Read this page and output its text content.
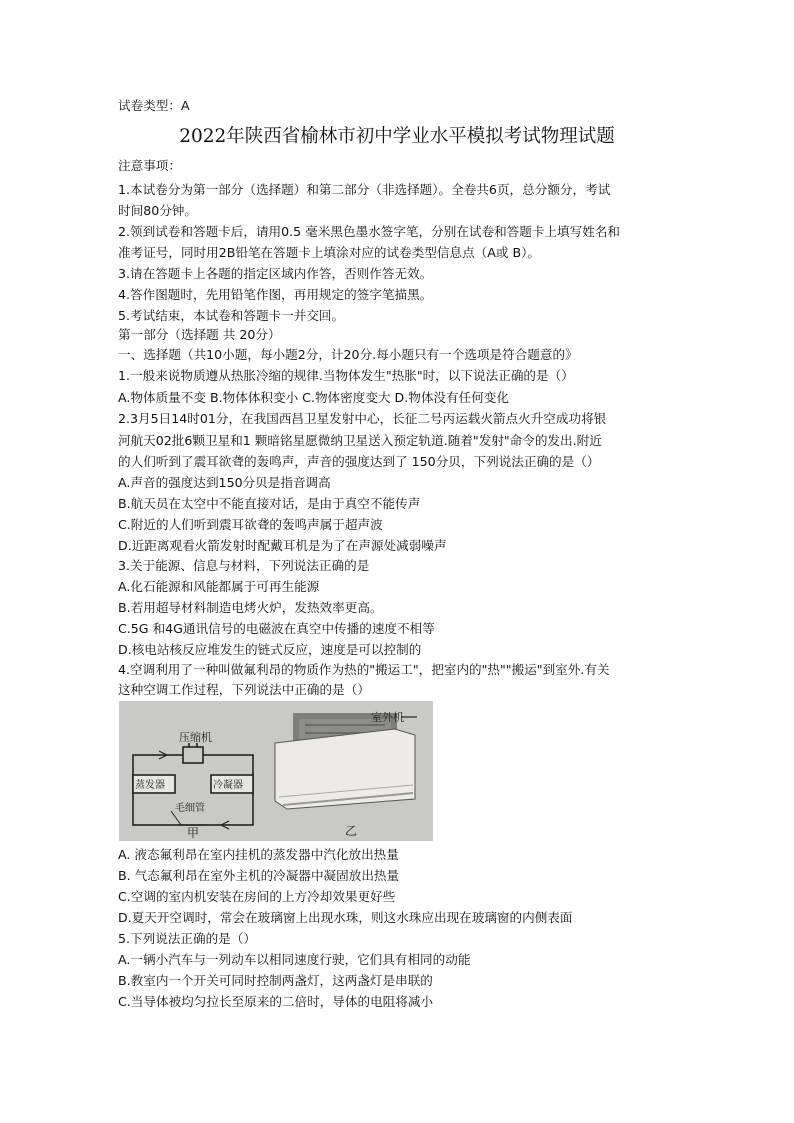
试卷类型：A
2022年陕西省榆林市初中学业水平模拟考试物理试题
注意事项：
1.本试卷分为第一部分（选择题）和第二部分（非选择题）。全卷共6页，总分额分，考试
时间80分钟。
2.领到试卷和答题卡后，请用0.5 毫米黑色墨水签字笔，分别在试卷和答题卡上填写姓名和
准考证号，同时用2B铅笔在答题卡上填涂对应的试卷类型信息点（A或 B）。
3.请在答题卡上各题的指定区域内作答，否则作答无效。
4.答作图题时，先用铅笔作图，再用规定的签字笔描黑。
5.考试结束，本试卷和答题卡一并交回。
第一部分（选择题 共 20分）
一、选择题（共10小题，每小题2分，计20分.每小题只有一个选项是符合题意的》
1.一般来说物质遵从热胀冷缩的规律.当物体发生"热胀"时，以下说法正确的是（）
A.物体质量不变 B.物体体积变小 C.物体密度变大 D.物体没有任何变化
2.3月5日14时01分，在我国西昌卫星发射中心，长征二号丙运载火箭点火升空成功将银
河航天02批6颗卫星和1 颗暗铭星愿微纳卫星送入预定轨道.随着"发射"命令的发出.附近
的人们听到了震耳欲聋的轰鸣声，声音的强度达到了 150分贝，下列说法正确的是（）
A.声音的强度达到150分贝是指音调高
B.航天员在太空中不能直接对话，是由于真空不能传声
C.附近的人们听到震耳欲聋的轰鸣声属于超声波
D.近距离观看火箭发射时配戴耳机是为了在声源处减弱噪声
3.关于能源、信息与材料，下列说法正确的是
A.化石能源和风能都属于可再生能源
B.若用超导材料制造电烤火炉，发热效率更高。
C.5G 和4G通讯信号的电磁波在真空中传播的速度不相等
D.核电站核反应堆发生的链式反应，速度是可以控制的
4.空调利用了一种叫做氟利昂的物质作为热的"搬运工"，把室内的"热""搬运"到室外.有关
这种空调工作过程，下列说法中正确的是（）
压缩机
蒸发器	冷凝器
毛细管
甲
室外机
乙
A. 液态氟利昂在室内挂机的蒸发器中汽化放出热量
B. 气态氟利昂在室外主机的冷凝器中凝固放出热量
C.空调的室内机安装在房间的上方冷却效果更好些
D.夏天开空调时，常会在玻璃窗上出现水珠，则这水珠应出现在玻璃窗的内侧表面
5.下列说法正确的是（）
A.一辆小汽车与一列动车以相同速度行驶，它们具有相同的动能
B.教室内一个开关可同时控制两盏灯，这两盏灯是串联的
C.当导体被均匀拉长至原来的二倍时，导体的电阻将减小
